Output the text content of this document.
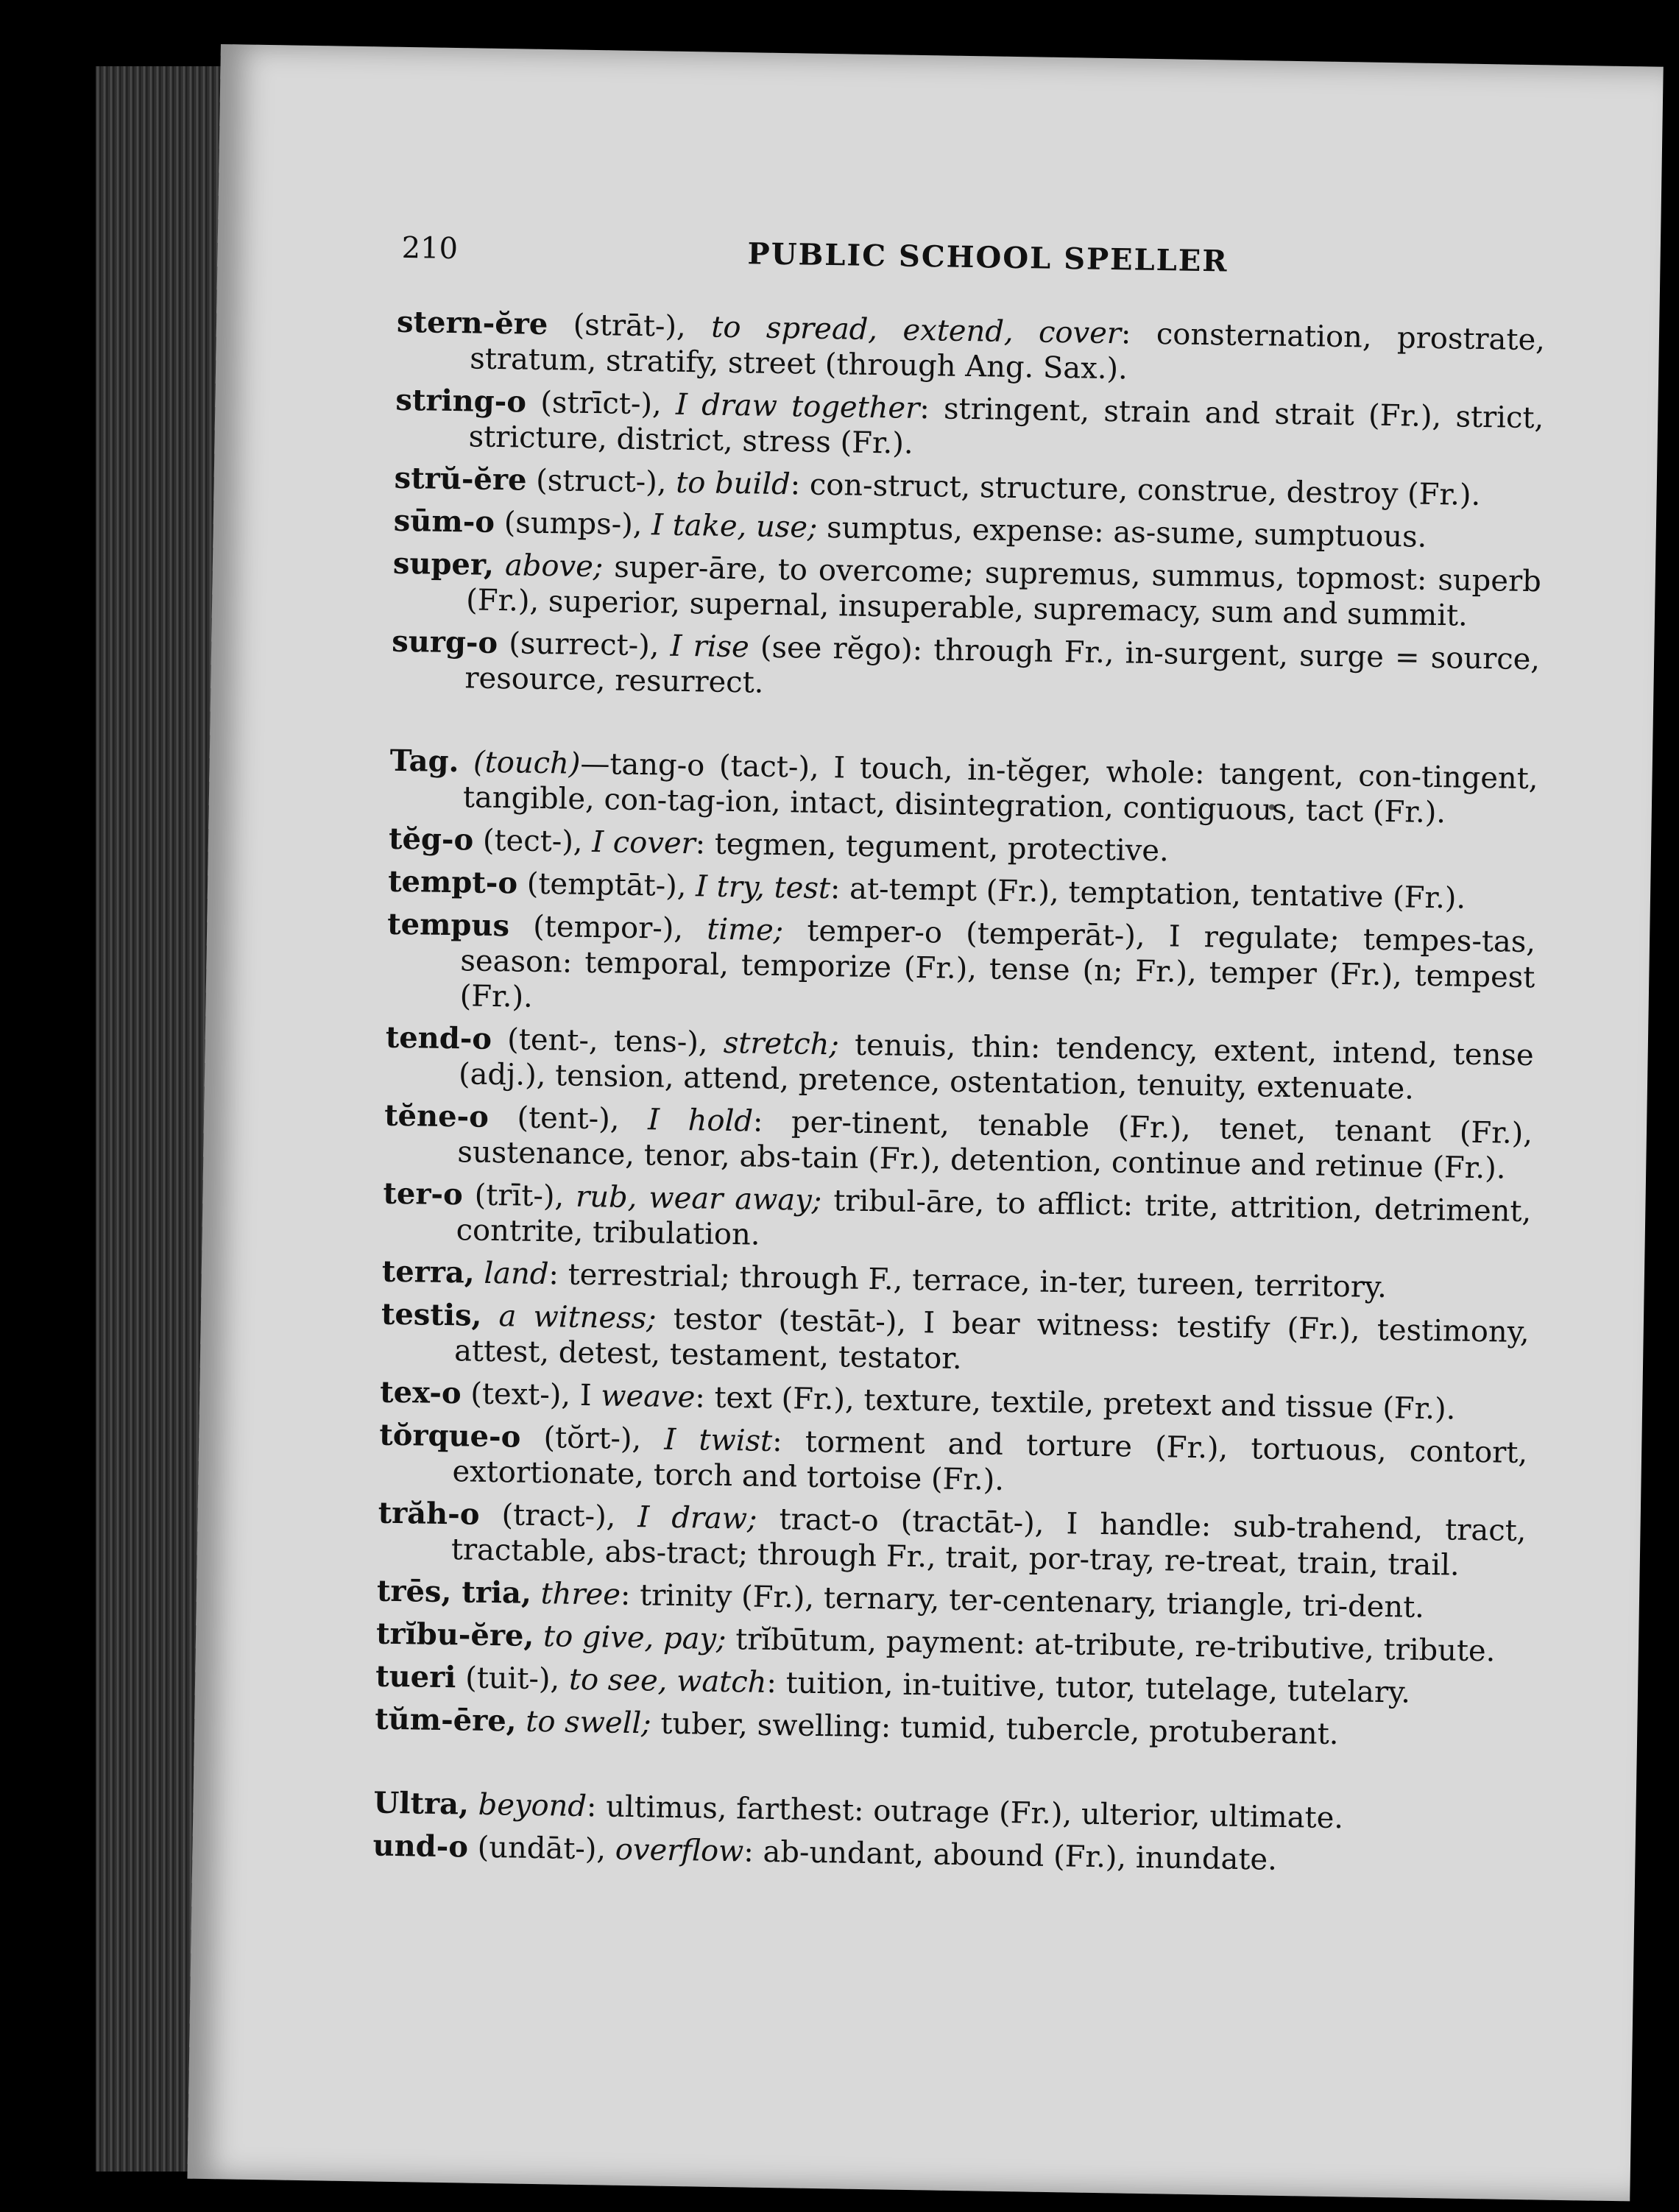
210	PUBLIC SCHOOL SPELLER

stern-ĕre (strāt-), to spread, extend, cover: consternation, prostrate, stratum, stratify, street (through Ang. Sax.).

string-o (strīct-), I draw together: stringent, strain and strait (Fr.), strict, stricture, district, stress (Fr.).

strŭ-ĕre (struct-), to build: con-struct, structure, construe, destroy (Fr.).

sūm-o (sumps-), I take, use; sumptus, expense: as-sume, sumptuous.

super, above; super-āre, to overcome; supremus, summus, topmost: superb (Fr.), superior, supernal, insuperable, supremacy, sum and summit.

surg-o (surrect-), I rise (see rĕgo): through Fr., in-surgent, surge = source, resource, resurrect.

Tag. (touch)—tang-o (tact-), I touch, in-tĕger, whole: tangent, con-tingent, tangible, con-tag-ion, intact, disintegration, contiguous, tact (Fr.).

tĕg-o (tect-), I cover: tegmen, tegument, protective.

tempt-o (temptāt-), I try, test: at-tempt (Fr.), temptation, tentative (Fr.).

tempus (tempor-), time; temper-o (temperāt-), I regulate; tempes-tas, season: temporal, temporize (Fr.), tense (n; Fr.), temper (Fr.), tempest (Fr.).

tend-o (tent-, tens-), stretch; tenuis, thin: tendency, extent, intend, tense (adj.), tension, attend, pretence, ostentation, tenuity, extenuate.

tĕne-o (tent-), I hold: per-tinent, tenable (Fr.), tenet, tenant (Fr.), sustenance, tenor, abs-tain (Fr.), detention, continue and retinue (Fr.).

ter-o (trīt-), rub, wear away; tribul-āre, to afflict: trite, attrition, detriment, contrite, tribulation.

terra, land: terrestrial; through F., terrace, in-ter, tureen, territory.

testis, a witness; testor (testāt-), I bear witness: testify (Fr.), testimony, attest, detest, testament, testator.

tex-o (text-), I weave: text (Fr.), texture, textile, pretext and tissue (Fr.).

tŏrque-o (tŏrt-), I twist: torment and torture (Fr.), tortuous, contort, extortionate, torch and tortoise (Fr.).

trăh-o (tract-), I draw; tract-o (tractāt-), I handle: sub-trahend, tract, tractable, abs-tract; through Fr., trait, por-tray, re-treat, train, trail.

trēs, tria, three: trinity (Fr.), ternary, ter-centenary, triangle, tri-dent.

trĭbu-ĕre, to give, pay; trĭbūtum, payment: at-tribute, re-tributive, tribute.

tueri (tuit-), to see, watch: tuition, in-tuitive, tutor, tutelage, tutelary.

tŭm-ēre, to swell; tuber, swelling: tumid, tubercle, protuberant.

Ultra, beyond: ultimus, farthest: outrage (Fr.), ulterior, ultimate.

und-o (undāt-), overflow: ab-undant, abound (Fr.), inundate.
